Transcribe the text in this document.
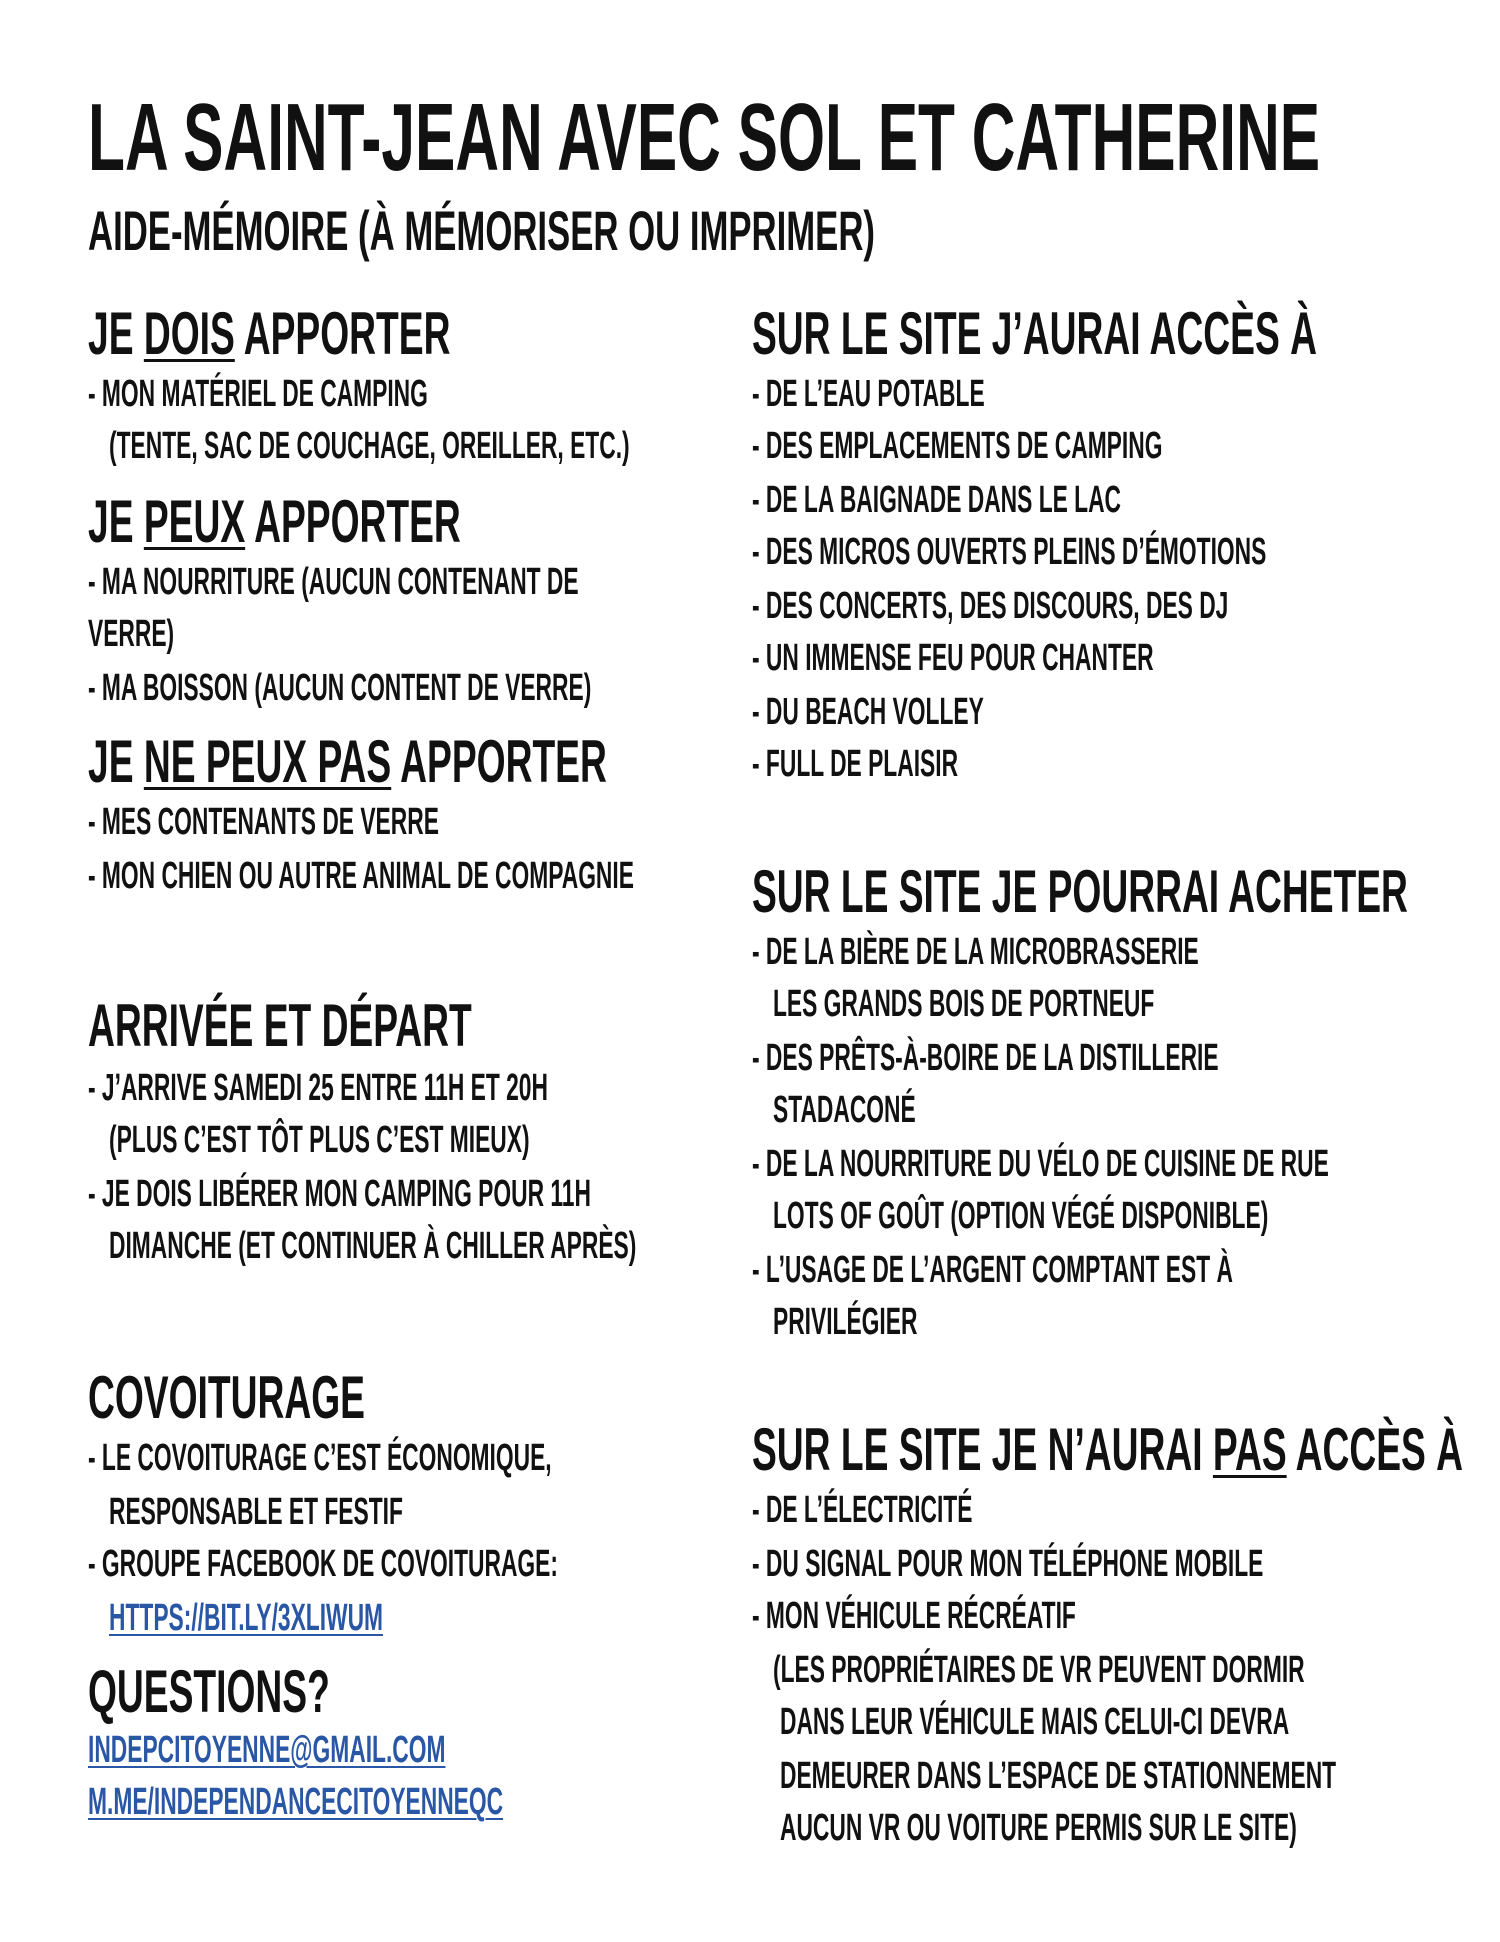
LA SAINT-JEAN AVEC SOL ET CATHERINE
AIDE-MÉMOIRE (À MÉMORISER OU IMPRIMER)
JE DOIS APPORTER
- MON MATÉRIEL DE CAMPING
(TENTE, SAC DE COUCHAGE, OREILLER, ETC.)
JE PEUX APPORTER
- MA NOURRITURE (AUCUN CONTENANT DE
VERRE)
- MA BOISSON (AUCUN CONTENT DE VERRE)
JE NE PEUX PAS APPORTER
- MES CONTENANTS DE VERRE
- MON CHIEN OU AUTRE ANIMAL DE COMPAGNIE
ARRIVÉE ET DÉPART
- J’ARRIVE SAMEDI 25 ENTRE 11H ET 20H
(PLUS C’EST TÔT PLUS C’EST MIEUX)
- JE DOIS LIBÉRER MON CAMPING POUR 11H
DIMANCHE (ET CONTINUER À CHILLER APRÈS)
COVOITURAGE
- LE COVOITURAGE C’EST ÉCONOMIQUE,
RESPONSABLE ET FESTIF
- GROUPE FACEBOOK DE COVOITURAGE:
HTTPS://BIT.LY/3XLIWUM
QUESTIONS?
INDEPCITOYENNE@GMAIL.COM
M.ME/INDEPENDANCECITOYENNEQC
SUR LE SITE J’AURAI ACCÈS À
- DE L’EAU POTABLE
- DES EMPLACEMENTS DE CAMPING
- DE LA BAIGNADE DANS LE LAC
- DES MICROS OUVERTS PLEINS D’ÉMOTIONS
- DES CONCERTS, DES DISCOURS, DES DJ
- UN IMMENSE FEU POUR CHANTER
- DU BEACH VOLLEY
- FULL DE PLAISIR
SUR LE SITE JE POURRAI ACHETER
- DE LA BIÈRE DE LA MICROBRASSERIE
LES GRANDS BOIS DE PORTNEUF
- DES PRÊTS-À-BOIRE DE LA DISTILLERIE
STADACONÉ
- DE LA NOURRITURE DU VÉLO DE CUISINE DE RUE
LOTS OF GOÛT (OPTION VÉGÉ DISPONIBLE)
- L’USAGE DE L’ARGENT COMPTANT EST À
PRIVILÉGIER
SUR LE SITE JE N’AURAI PAS ACCÈS À
- DE L’ÉLECTRICITÉ
- DU SIGNAL POUR MON TÉLÉPHONE MOBILE
- MON VÉHICULE RÉCRÉATIF
(LES PROPRIÉTAIRES DE VR PEUVENT DORMIR
DANS LEUR VÉHICULE MAIS CELUI-CI DEVRA
DEMEURER DANS L’ESPACE DE STATIONNEMENT
AUCUN VR OU VOITURE PERMIS SUR LE SITE)
